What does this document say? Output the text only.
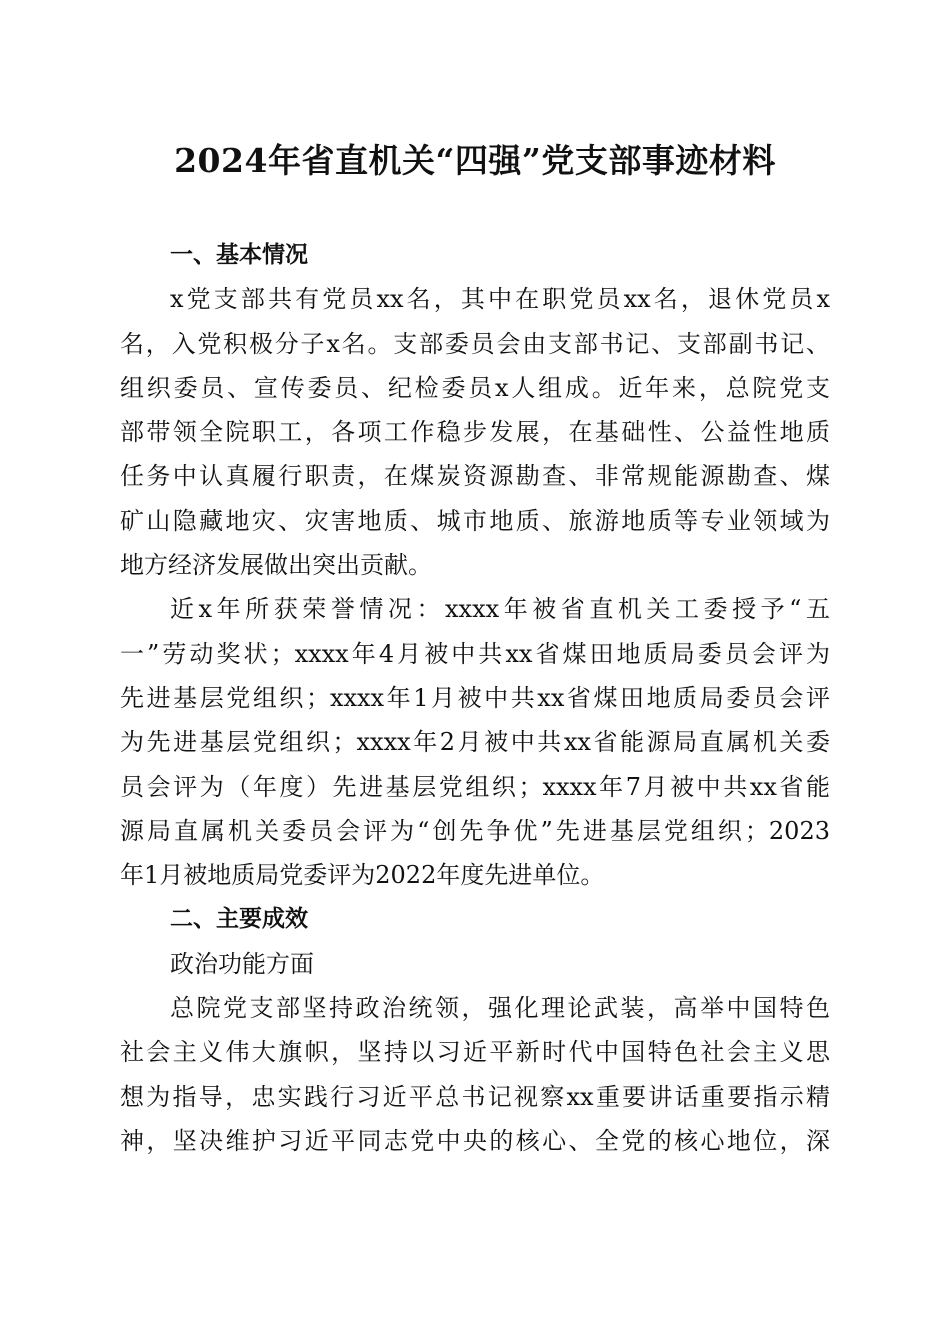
2024年省直机关“四强”党支部事迹材料
一、基本情况
x党支部共有党员xx名，其中在职党员xx名，退休党员x
名，入党积极分子x名。支部委员会由支部书记、支部副书记、
组织委员、宣传委员、纪检委员x人组成。近年来，总院党支
部带领全院职工，各项工作稳步发展，在基础性、公益性地质
任务中认真履行职责，在煤炭资源勘查、非常规能源勘查、煤
矿山隐藏地灾、灾害地质、城市地质、旅游地质等专业领域为
地方经济发展做出突出贡献。
近x年所获荣誉情况：xxxx年被省直机关工委授予“五
一”劳动奖状；xxxx年4月被中共xx省煤田地质局委员会评为
先进基层党组织；xxxx年1月被中共xx省煤田地质局委员会评
为先进基层党组织；xxxx年2月被中共xx省能源局直属机关委
员会评为（年度）先进基层党组织；xxxx年7月被中共xx省能
源局直属机关委员会评为“创先争优”先进基层党组织；2023
年1月被地质局党委评为2022年度先进单位。
二、主要成效
政治功能方面
总院党支部坚持政治统领，强化理论武装，高举中国特色
社会主义伟大旗帜，坚持以习近平新时代中国特色社会主义思
想为指导，忠实践行习近平总书记视察xx重要讲话重要指示精
神，坚决维护习近平同志党中央的核心、全党的核心地位，深
